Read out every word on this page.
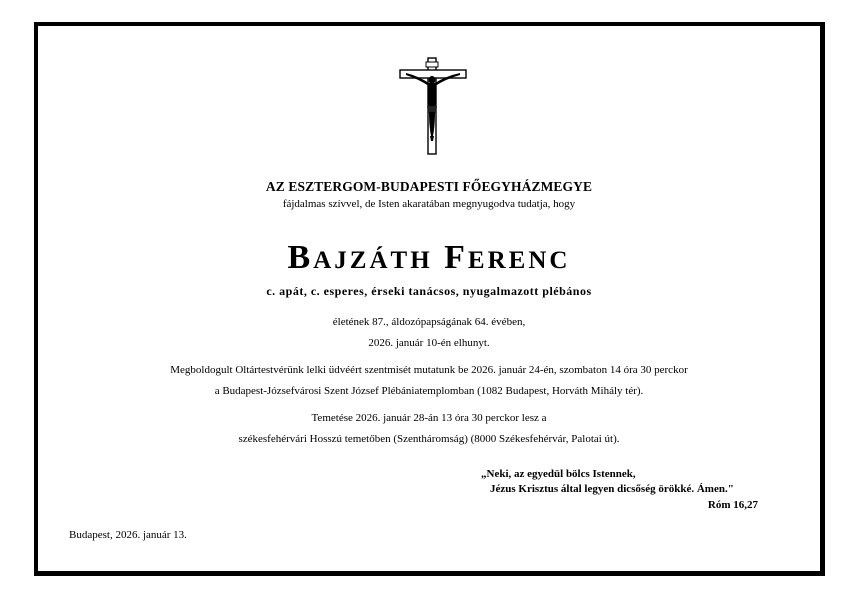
AZ ESZTERGOM-BUDAPESTI FŐEGYHÁZMEGYE
fájdalmas szívvel, de Isten akaratában megnyugodva tudatja, hogy
BAJZÁTH FERENC
c. apát, c. esperes, érseki tanácsos, nyugalmazott plébános
életének 87., áldozópapságának 64. évében,
2026. január 10-én elhunyt.
Megboldogult Oltártestvérünk lelki üdvéért szentmisét mutatunk be 2026. január 24-én, szombaton 14 óra 30 perckor
a Budapest-Józsefvárosi Szent József Plébániatemplomban (1082 Budapest, Horváth Mihály tér).
Temetése 2026. január 28-án 13 óra 30 perckor lesz a
székesfehérvári Hosszú temetőben (Szentháromság) (8000 Székesfehérvár, Palotai út).
„Neki, az egyedül bölcs Istennek,
Jézus Krisztus által legyen dicsőség örökké. Ámen."
Róm 16,27
Budapest, 2026. január 13.
